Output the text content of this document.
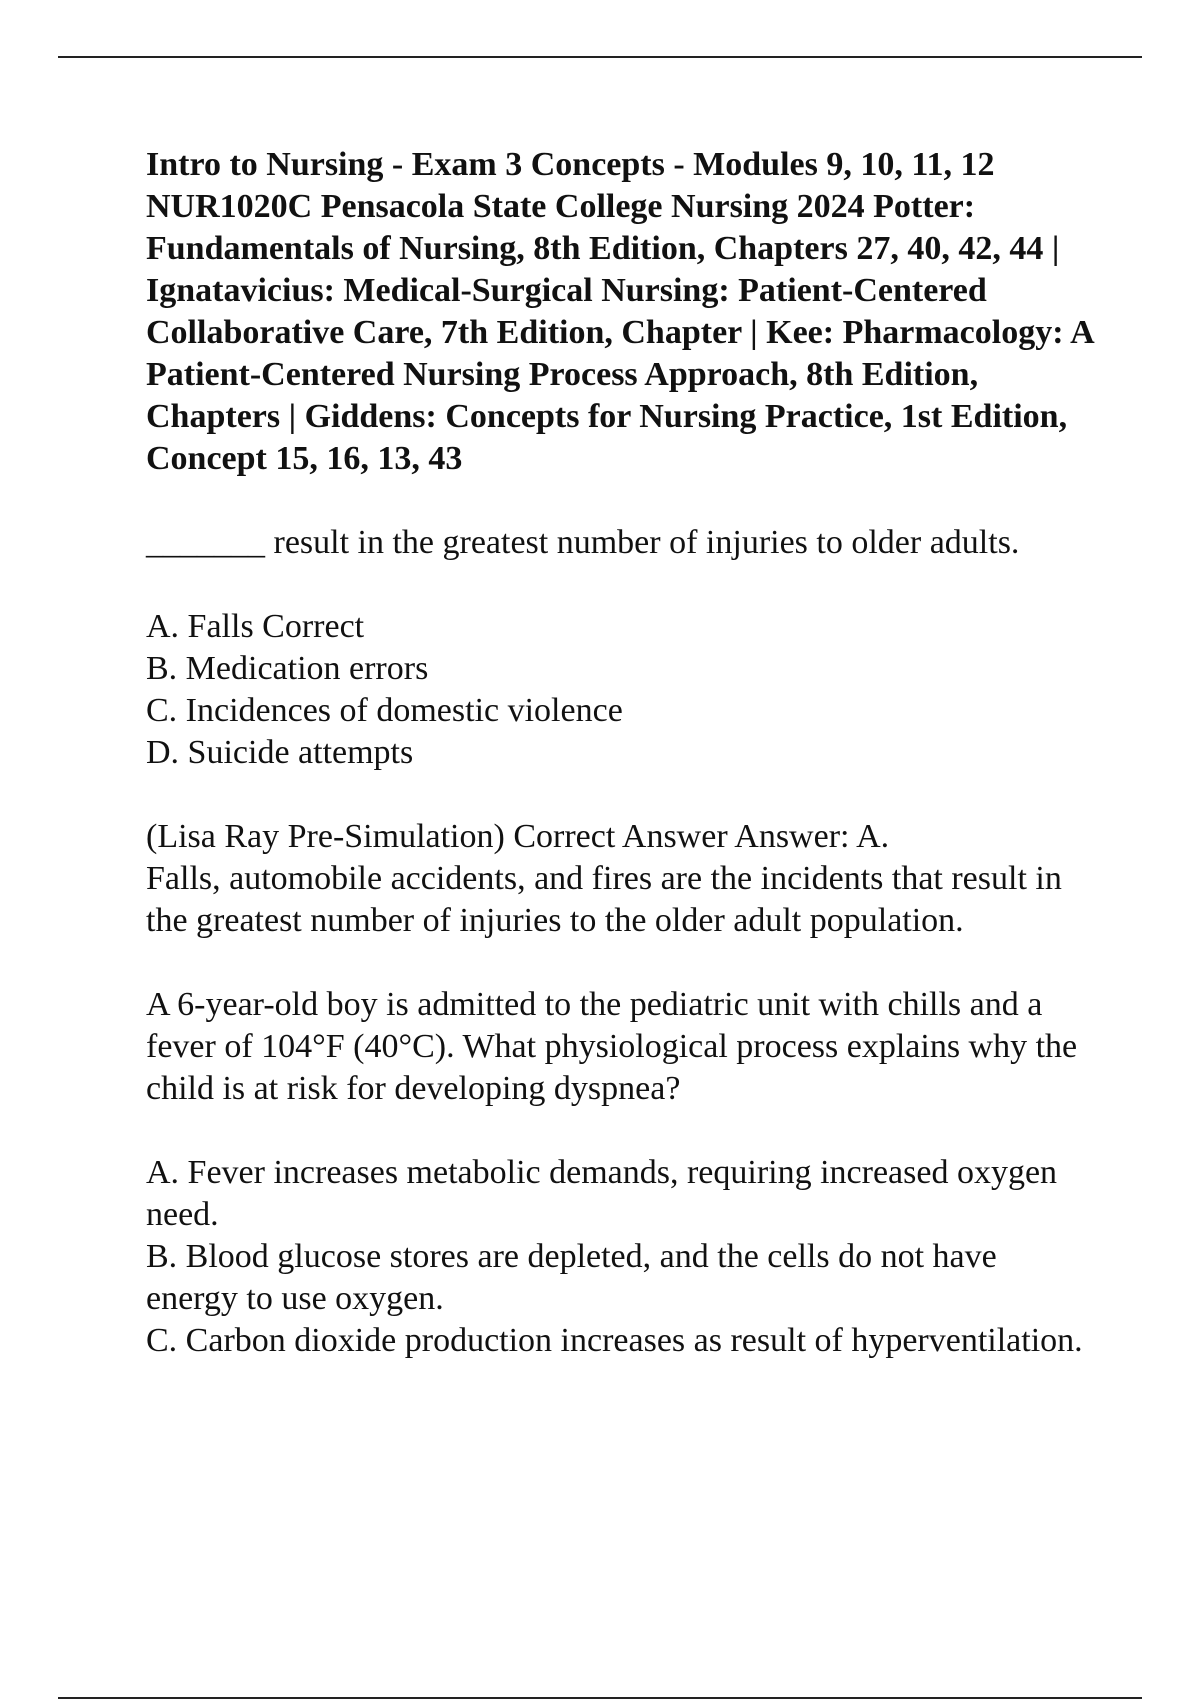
Intro to Nursing - Exam 3 Concepts - Modules 9, 10, 11, 12 NUR1020C Pensacola State College Nursing 2024 Potter: Fundamentals of Nursing, 8th Edition, Chapters 27, 40, 42, 44 | Ignatavicius: Medical-Surgical Nursing: Patient-Centered Collaborative Care, 7th Edition, Chapter | Kee: Pharmacology: A Patient-Centered Nursing Process Approach, 8th Edition, Chapters | Giddens: Concepts for Nursing Practice, 1st Edition, Concept 15, 16, 13, 43

_______ result in the greatest number of injuries to older adults.

A. Falls Correct
B. Medication errors
C. Incidences of domestic violence
D. Suicide attempts

(Lisa Ray Pre-Simulation) Correct Answer Answer: A.

Falls, automobile accidents, and fires are the incidents that result in the greatest number of injuries to the older adult population.

A 6-year-old boy is admitted to the pediatric unit with chills and a fever of 104°F (40°C). What physiological process explains why the child is at risk for developing dyspnea?

A. Fever increases metabolic demands, requiring increased oxygen need.
B. Blood glucose stores are depleted, and the cells do not have energy to use oxygen.
C. Carbon dioxide production increases as result of hyperventilation.
